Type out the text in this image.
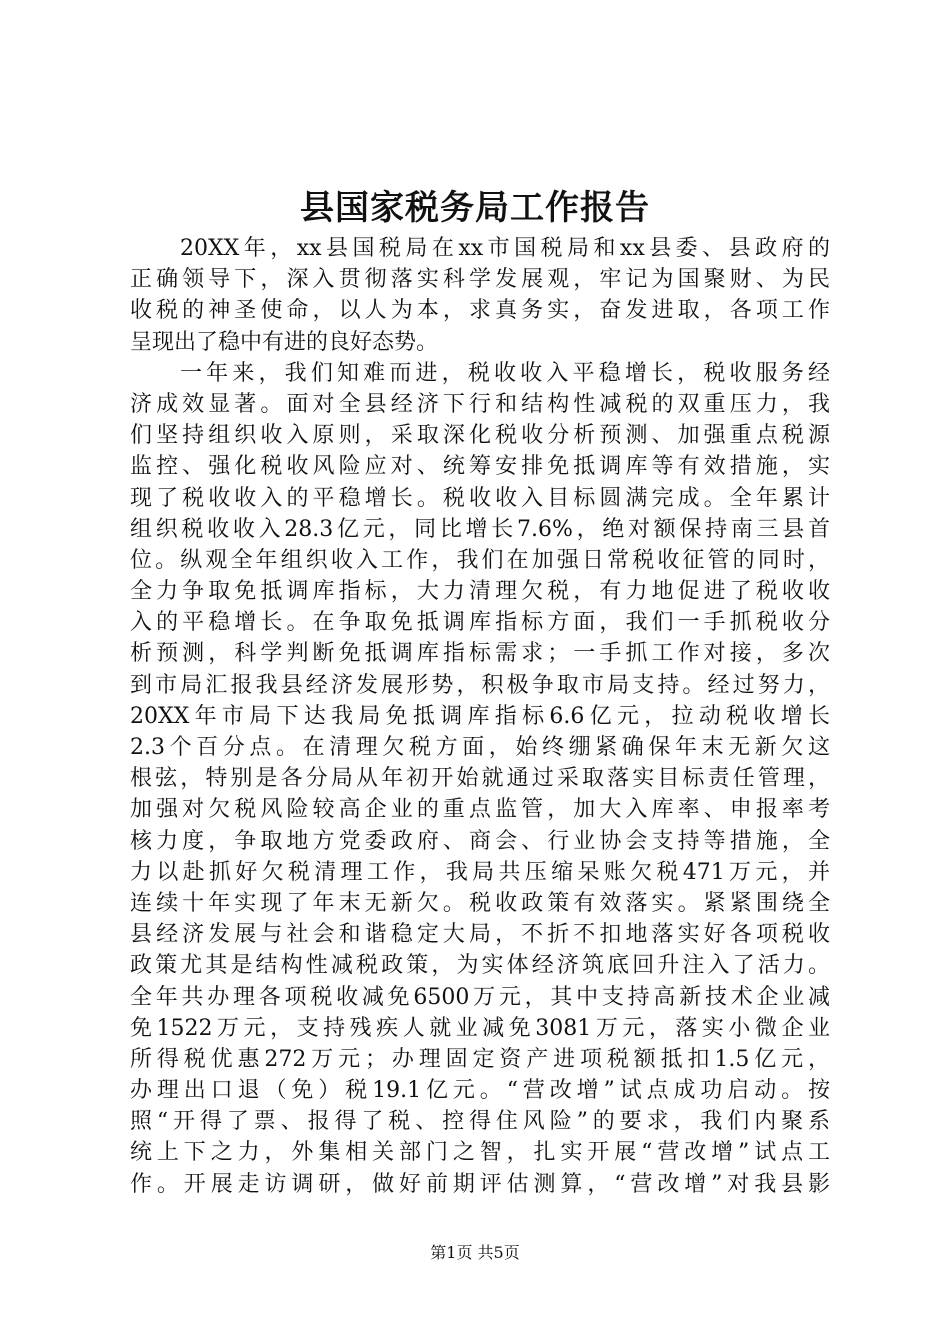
县国家税务局工作报告
20XX年，xx县国税局在xx市国税局和xx县委、县政府的
正确领导下，深入贯彻落实科学发展观，牢记为国聚财、为民
收税的神圣使命，以人为本，求真务实，奋发进取，各项工作
呈现出了稳中有进的良好态势。
一年来，我们知难而进，税收收入平稳增长，税收服务经
济成效显著。面对全县经济下行和结构性减税的双重压力，我
们坚持组织收入原则，采取深化税收分析预测、加强重点税源
监控、强化税收风险应对、统筹安排免抵调库等有效措施，实
现了税收收入的平稳增长。税收收入目标圆满完成。全年累计
组织税收收入28.3亿元，同比增长7.6%，绝对额保持南三县首
位。纵观全年组织收入工作，我们在加强日常税收征管的同时，
全力争取免抵调库指标，大力清理欠税，有力地促进了税收收
入的平稳增长。在争取免抵调库指标方面，我们一手抓税收分
析预测，科学判断免抵调库指标需求；一手抓工作对接，多次
到市局汇报我县经济发展形势，积极争取市局支持。经过努力，
20XX年市局下达我局免抵调库指标6.6亿元，拉动税收增长
2.3个百分点。在清理欠税方面，始终绷紧确保年末无新欠这
根弦，特别是各分局从年初开始就通过采取落实目标责任管理，
加强对欠税风险较高企业的重点监管，加大入库率、申报率考
核力度，争取地方党委政府、商会、行业协会支持等措施，全
力以赴抓好欠税清理工作，我局共压缩呆账欠税471万元，并
连续十年实现了年末无新欠。税收政策有效落实。紧紧围绕全
县经济发展与社会和谐稳定大局，不折不扣地落实好各项税收
政策尤其是结构性减税政策，为实体经济筑底回升注入了活力。
全年共办理各项税收减免6500万元，其中支持高新技术企业减
免1522万元，支持残疾人就业减免3081万元，落实小微企业
所得税优惠272万元；办理固定资产进项税额抵扣1.5亿元，
办理出口退（免）税19.1亿元。“营改增”试点成功启动。按
照“开得了票、报得了税、控得住风险”的要求，我们内聚系
统上下之力，外集相关部门之智，扎实开展“营改增”试点工
作。开展走访调研，做好前期评估测算，“营改增”对我县影
第1页 共5页
